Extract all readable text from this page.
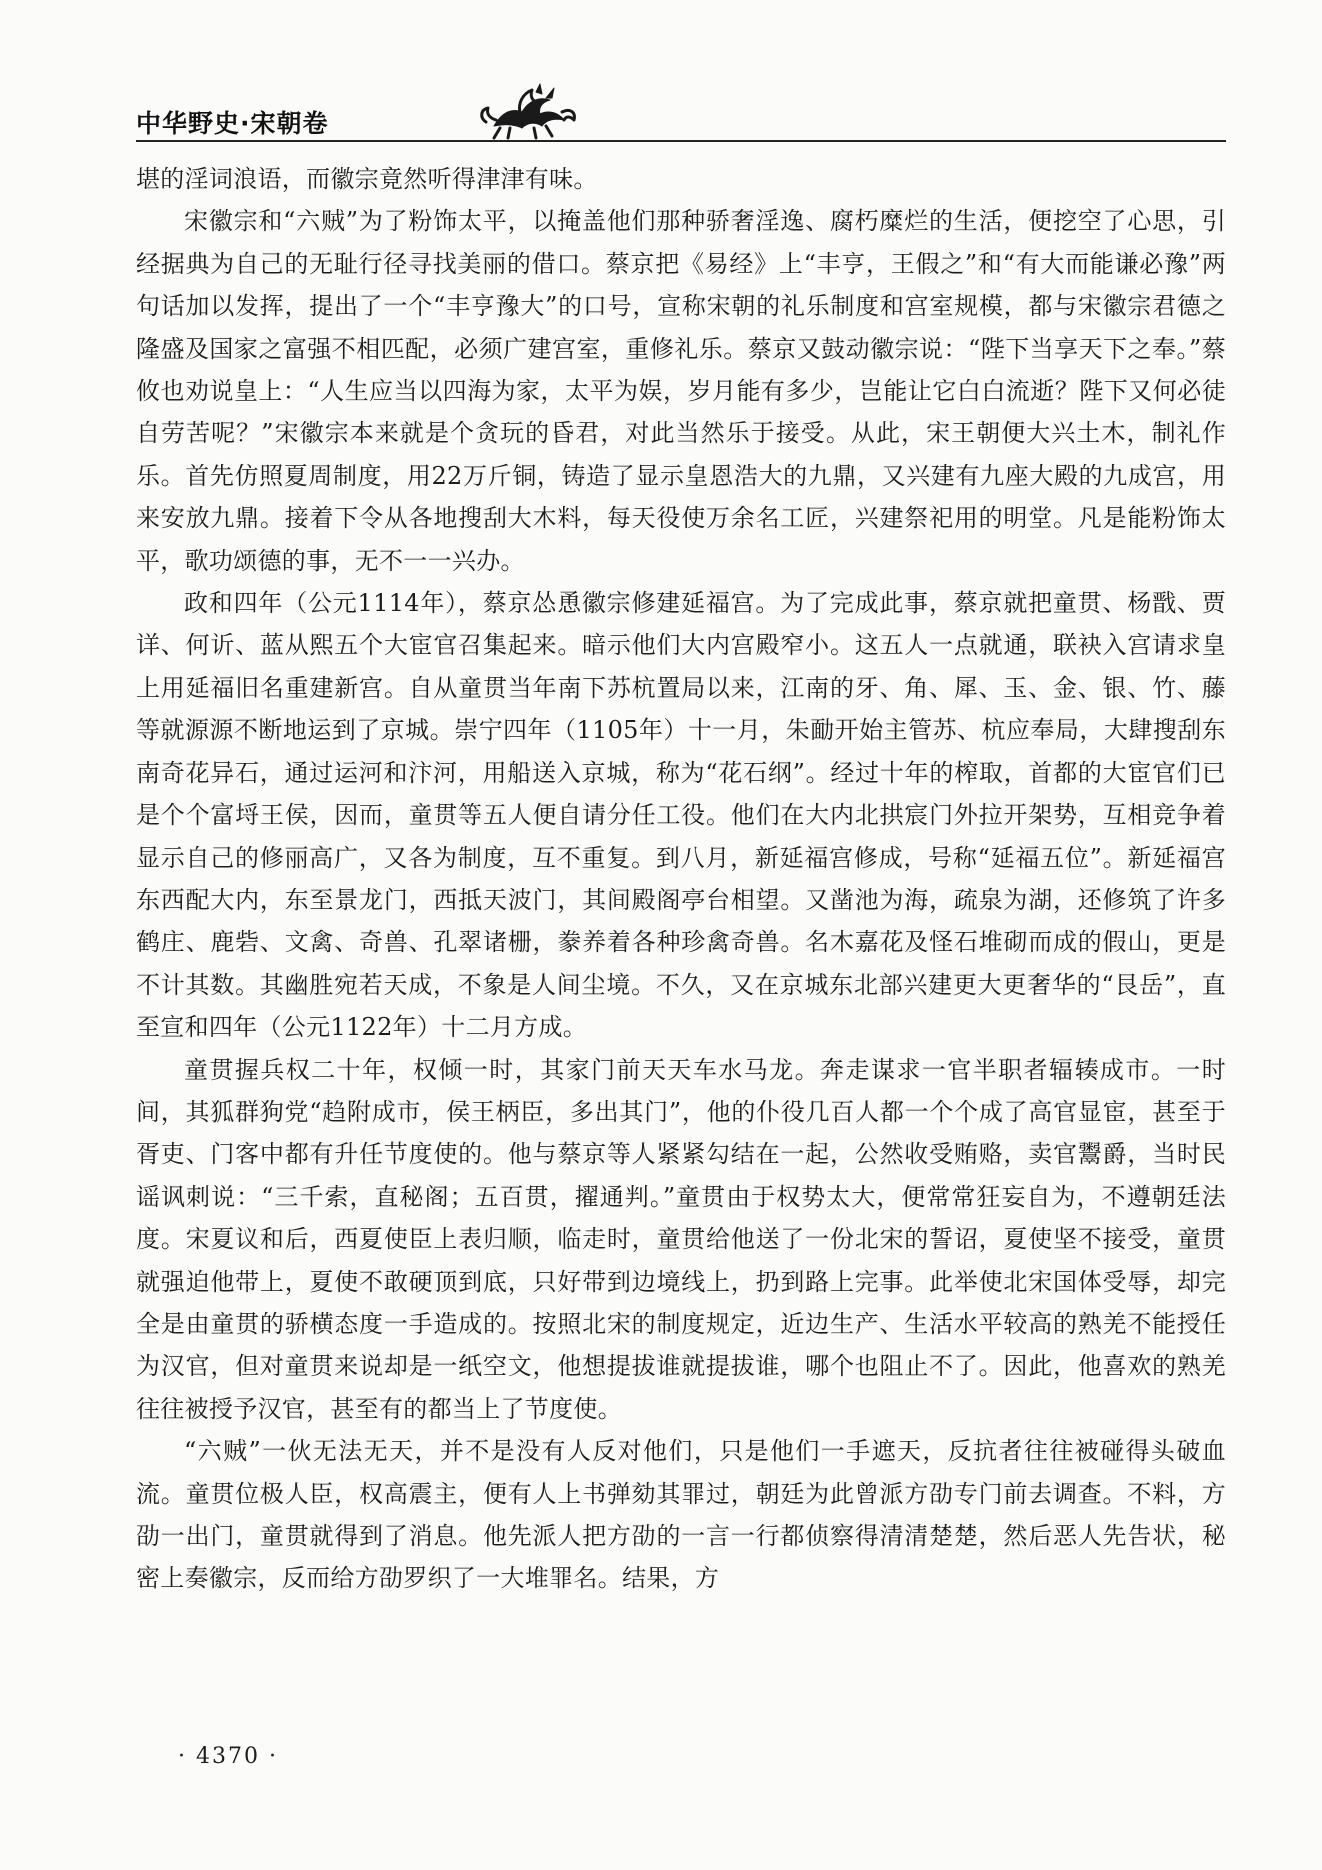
中华野史·宋朝卷

堪的淫词浪语，而徽宗竟然听得津津有味。

宋徽宗和“六贼”为了粉饰太平，以掩盖他们那种骄奢淫逸、腐朽糜烂的生活，便挖空了心思，引经据典为自己的无耻行径寻找美丽的借口。蔡京把《易经》上“丰亨，王假之”和“有大而能谦必豫”两句话加以发挥，提出了一个“丰亨豫大”的口号，宣称宋朝的礼乐制度和宫室规模，都与宋徽宗君德之隆盛及国家之富强不相匹配，必须广建宫室，重修礼乐。蔡京又鼓动徽宗说：“陛下当享天下之奉。”蔡攸也劝说皇上：“人生应当以四海为家，太平为娱，岁月能有多少，岂能让它白白流逝？陛下又何必徒自劳苦呢？”宋徽宗本来就是个贪玩的昏君，对此当然乐于接受。从此，宋王朝便大兴土木，制礼作乐。首先仿照夏周制度，用22万斤铜，铸造了显示皇恩浩大的九鼎，又兴建有九座大殿的九成宫，用来安放九鼎。接着下令从各地搜刮大木料，每天役使万余名工匠，兴建祭祀用的明堂。凡是能粉饰太平，歌功颂德的事，无不一一兴办。

政和四年（公元1114年），蔡京怂恿徽宗修建延福宫。为了完成此事，蔡京就把童贯、杨戬、贾详、何䜣、蓝从熙五个大宦官召集起来。暗示他们大内宫殿窄小。这五人一点就通，联袂入宫请求皇上用延福旧名重建新宫。自从童贯当年南下苏杭置局以来，江南的牙、角、犀、玉、金、银、竹、藤等就源源不断地运到了京城。崇宁四年（1105年）十一月，朱勔开始主管苏、杭应奉局，大肆搜刮东南奇花异石，通过运河和汴河，用船送入京城，称为“花石纲”。经过十年的榨取，首都的大宦官们已是个个富埒王侯，因而，童贯等五人便自请分任工役。他们在大内北拱宸门外拉开架势，互相竞争着显示自己的修丽高广，又各为制度，互不重复。到八月，新延福宫修成，号称“延福五位”。新延福宫东西配大内，东至景龙门，西抵天波门，其间殿阁亭台相望。又凿池为海，疏泉为湖，还修筑了许多鹤庄、鹿砦、文禽、奇兽、孔翠诸栅，豢养着各种珍禽奇兽。名木嘉花及怪石堆砌而成的假山，更是不计其数。其幽胜宛若天成，不象是人间尘境。不久，又在京城东北部兴建更大更奢华的“艮岳”，直至宣和四年（公元1122年）十二月方成。

童贯握兵权二十年，权倾一时，其家门前天天车水马龙。奔走谋求一官半职者辐辏成市。一时间，其狐群狗党“趋附成市，侯王柄臣，多出其门”，他的仆役几百人都一个个成了高官显宦，甚至于胥吏、门客中都有升任节度使的。他与蔡京等人紧紧勾结在一起，公然收受贿赂，卖官鬻爵，当时民谣讽刺说：“三千索，直秘阁；五百贯，擢通判。”童贯由于权势太大，便常常狂妄自为，不遵朝廷法度。宋夏议和后，西夏使臣上表归顺，临走时，童贯给他送了一份北宋的誓诏，夏使坚不接受，童贯就强迫他带上，夏使不敢硬顶到底，只好带到边境线上，扔到路上完事。此举使北宋国体受辱，却完全是由童贯的骄横态度一手造成的。按照北宋的制度规定，近边生产、生活水平较高的熟羌不能授任为汉官，但对童贯来说却是一纸空文，他想提拔谁就提拔谁，哪个也阻止不了。因此，他喜欢的熟羌往往被授予汉官，甚至有的都当上了节度使。

“六贼”一伙无法无天，并不是没有人反对他们，只是他们一手遮天，反抗者往往被碰得头破血流。童贯位极人臣，权高震主，便有人上书弹劾其罪过，朝廷为此曾派方劭专门前去调查。不料，方劭一出门，童贯就得到了消息。他先派人把方劭的一言一行都侦察得清清楚楚，然后恶人先告状，秘密上奏徽宗，反而给方劭罗织了一大堆罪名。结果，方

· 4370 ·
